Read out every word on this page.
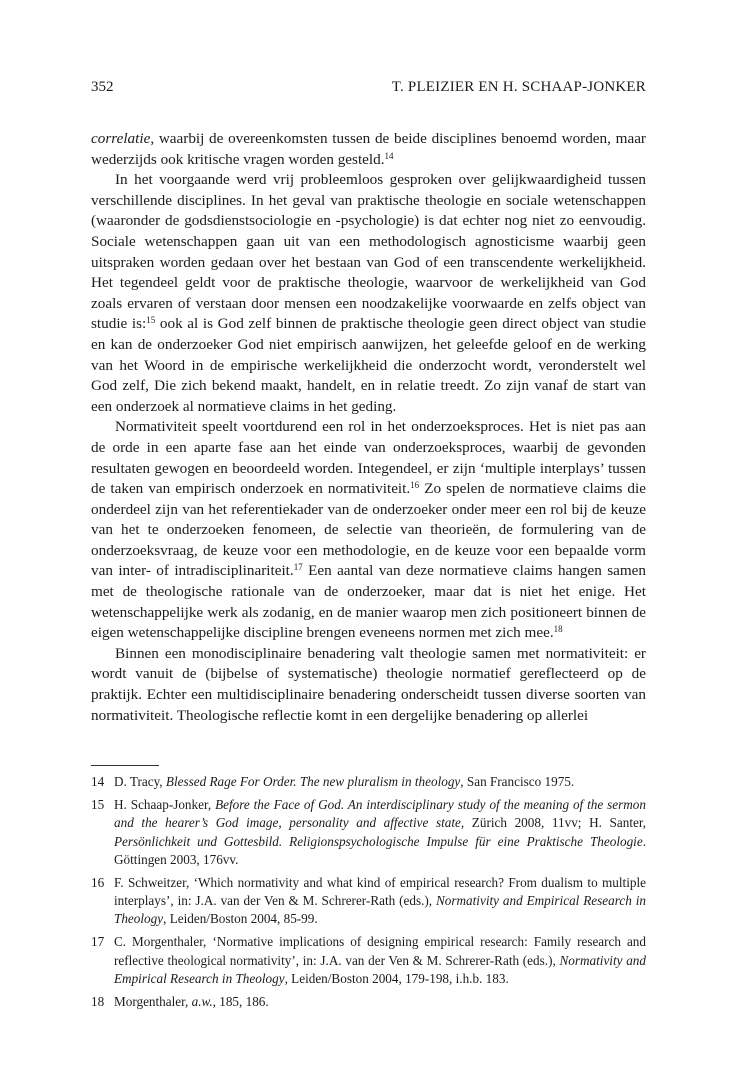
352	T. PLEIZIER EN H. SCHAAP-JONKER

correlatie, waarbij de overeenkomsten tussen de beide disciplines benoemd worden, maar wederzijds ook kritische vragen worden gesteld.$^{14}$

In het voorgaande werd vrij probleemloos gesproken over gelijkwaardigheid tussen verschillende disciplines. In het geval van praktische theologie en sociale wetenschappen (waaronder de godsdienstsociologie en -psychologie) is dat echter nog niet zo eenvoudig. Sociale wetenschappen gaan uit van een methodologisch agnosticisme waarbij geen uitspraken worden gedaan over het bestaan van God of een transcendente werkelijkheid. Het tegendeel geldt voor de praktische theologie, waarvoor de werkelijkheid van God zoals ervaren of verstaan door mensen een noodzakelijke voorwaarde en zelfs object van studie is:$^{15}$ ook al is God zelf binnen de praktische theologie geen direct object van studie en kan de onderzoeker God niet empirisch aanwijzen, het geleefde geloof en de werking van het Woord in de empirische werkelijkheid die onderzocht wordt, veronderstelt wel God zelf, Die zich bekend maakt, handelt, en in relatie treedt. Zo zijn vanaf de start van een onderzoek al normatieve claims in het geding.

Normativiteit speelt voortdurend een rol in het onderzoeksproces. Het is niet pas aan de orde in een aparte fase aan het einde van onderzoeksproces, waarbij de gevonden resultaten gewogen en beoordeeld worden. Integendeel, er zijn ‘multiple interplays’ tussen de taken van empirisch onderzoek en normativiteit.$^{16}$ Zo spelen de normatieve claims die onderdeel zijn van het referentiekader van de onderzoeker onder meer een rol bij de keuze van het te onderzoeken fenomeen, de selectie van theorieën, de formulering van de onderzoeksvraag, de keuze voor een methodologie, en de keuze voor een bepaalde vorm van inter- of intradisciplinariteit.$^{17}$ Een aantal van deze normatieve claims hangen samen met de theologische rationale van de onderzoeker, maar dat is niet het enige. Het wetenschappelijke werk als zodanig, en de manier waarop men zich positioneert binnen de eigen wetenschappelijke discipline brengen eveneens normen met zich mee.$^{18}$

Binnen een monodisciplinaire benadering valt theologie samen met normativiteit: er wordt vanuit de (bijbelse of systematische) theologie normatief gereflecteerd op de praktijk. Echter een multidisciplinaire benadering onderscheidt tussen diverse soorten van normativiteit. Theologische reflectie komt in een dergelijke benadering op allerlei

14 D. Tracy, Blessed Rage For Order. The new pluralism in theology, San Francisco 1975.
15 H. Schaap-Jonker, Before the Face of God. An interdisciplinary study of the meaning of the sermon and the hearer’s God image, personality and affective state, Zürich 2008, 11vv; H. Santer, Persönlichkeit und Gottesbild. Religionspsychologische Impulse für eine Praktische Theologie. Göttingen 2003, 176vv.
16 F. Schweitzer, ‘Which normativity and what kind of empirical research? From dualism to multiple interplays’, in: J.A. van der Ven & M. Schrerer-Rath (eds.), Normativity and Empirical Research in Theology, Leiden/Boston 2004, 85-99.
17 C. Morgenthaler, ‘Normative implications of designing empirical research: Family research and reflective theological normativity’, in: J.A. van der Ven & M. Schrerer-Rath (eds.), Normativity and Empirical Research in Theology, Leiden/Boston 2004, 179-198, i.h.b. 183.
18 Morgenthaler, a.w., 185, 186.
